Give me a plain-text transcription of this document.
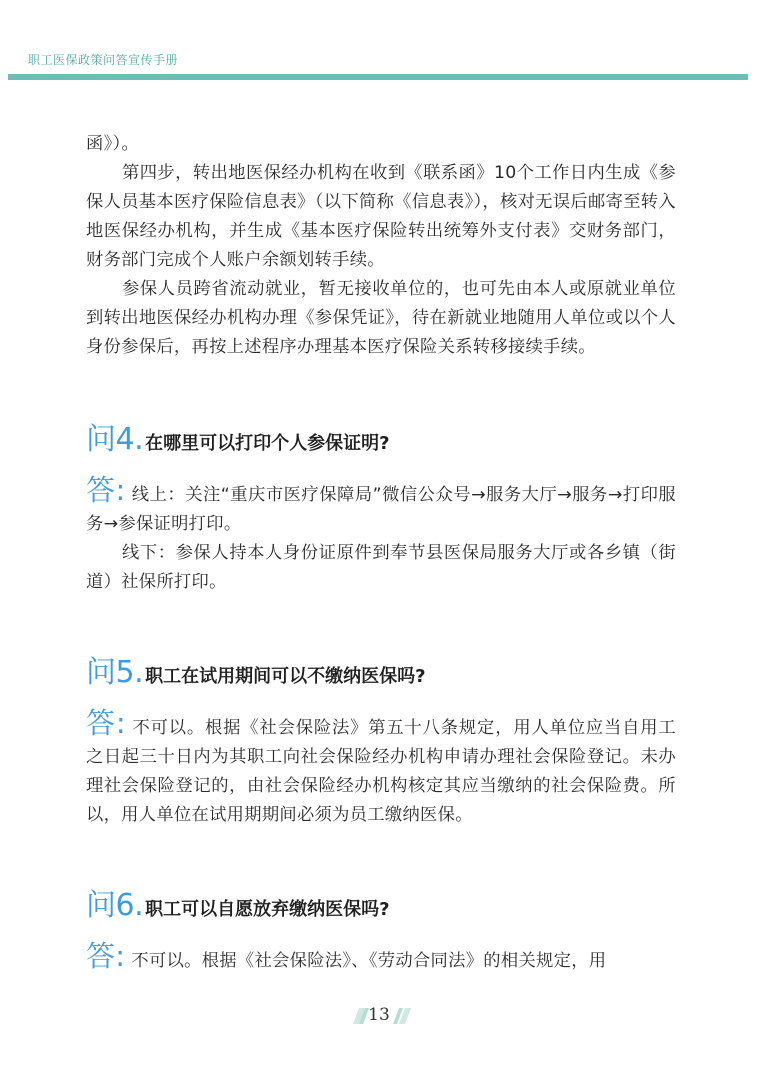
职工医保政策问答宣传手册

函》）。

第四步，转出地医保经办机构在收到《联系函》10个工作日内生成《参保人员基本医疗保险信息表》（以下简称《信息表》），核对无误后邮寄至转入地医保经办机构，并生成《基本医疗保险转出统筹外支付表》交财务部门，财务部门完成个人账户余额划转手续。

参保人员跨省流动就业，暂无接收单位的，也可先由本人或原就业单位到转出地医保经办机构办理《参保凭证》，待在新就业地随用人单位或以个人身份参保后，再按上述程序办理基本医疗保险关系转移接续手续。

问4. 在哪里可以打印个人参保证明?

答: 线上：关注“重庆市医疗保障局”微信公众号→服务大厅→服务→打印服务→参保证明打印。

线下：参保人持本人身份证原件到奉节县医保局服务大厅或各乡镇（街道）社保所打印。

问5. 职工在试用期间可以不缴纳医保吗?

答: 不可以。根据《社会保险法》第五十八条规定，用人单位应当自用工之日起三十日内为其职工向社会保险经办机构申请办理社会保险登记。未办理社会保险登记的，由社会保险经办机构核定其应当缴纳的社会保险费。所以，用人单位在试用期期间必须为员工缴纳医保。

问6. 职工可以自愿放弃缴纳医保吗?

答: 不可以。根据《社会保险法》、《劳动合同法》的相关规定，用

13
